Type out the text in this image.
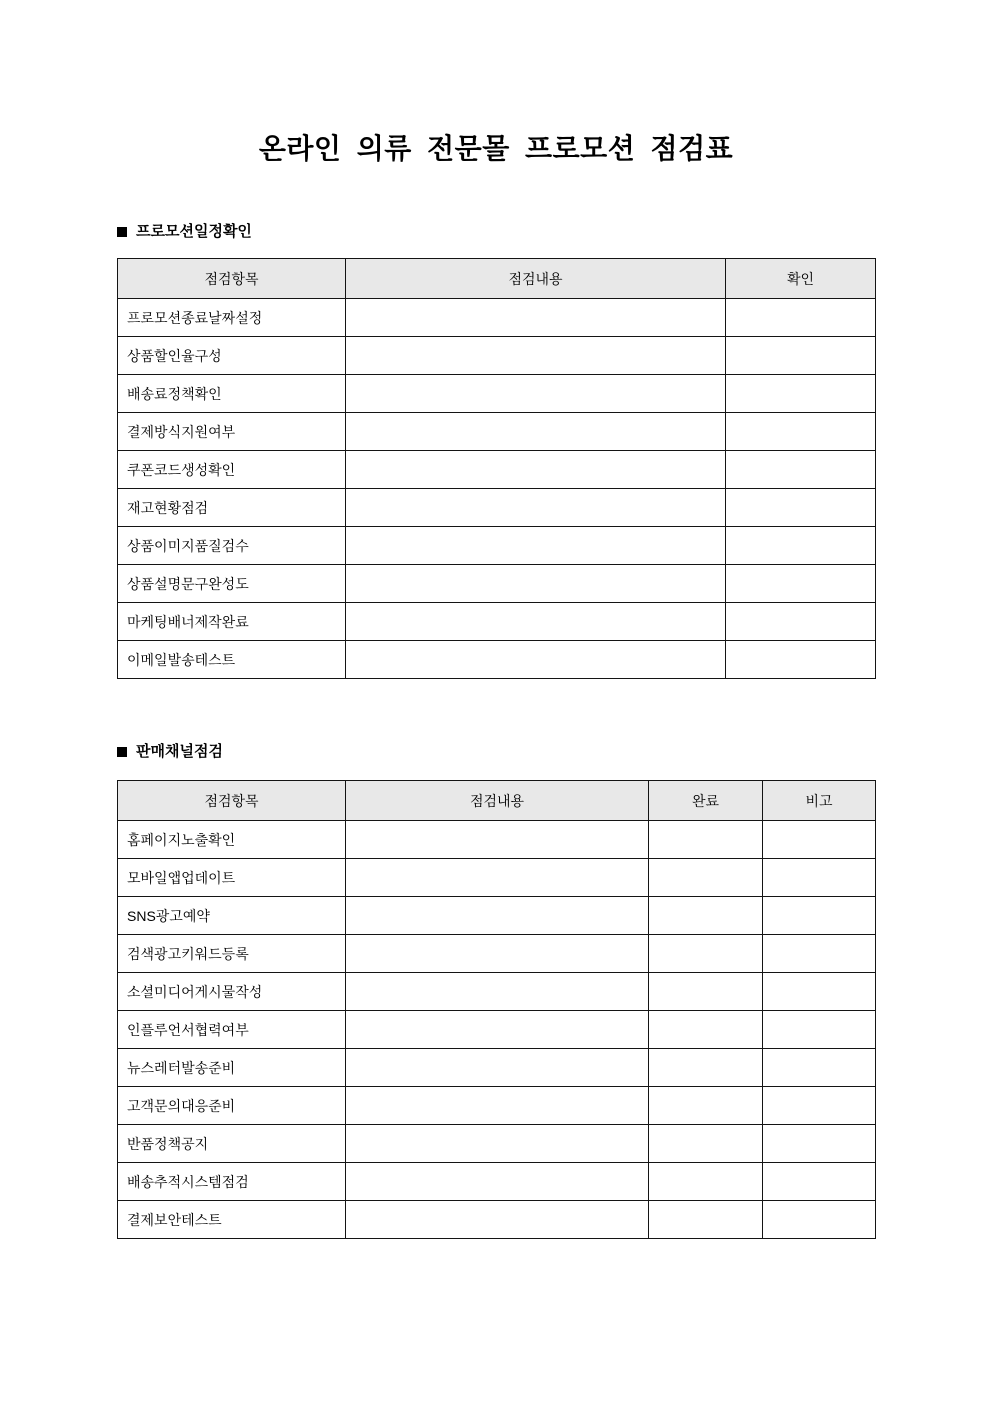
온라인 의류 전문몰 프로모션 점검표
프로모션일정확인
점검항목	점검내용	확인
프로모션종료날짜설정		
상품할인율구성		
배송료정책확인		
결제방식지원여부		
쿠폰코드생성확인		
재고현황점검		
상품이미지품질검수		
상품설명문구완성도		
마케팅배너제작완료		
이메일발송테스트		
판매채널점검
점검항목	점검내용	완료	비고
홈페이지노출확인			
모바일앱업데이트			
SNS광고예약			
검색광고키워드등록			
소셜미디어게시물작성			
인플루언서협력여부			
뉴스레터발송준비			
고객문의대응준비			
반품정책공지			
배송추적시스템점검			
결제보안테스트			
